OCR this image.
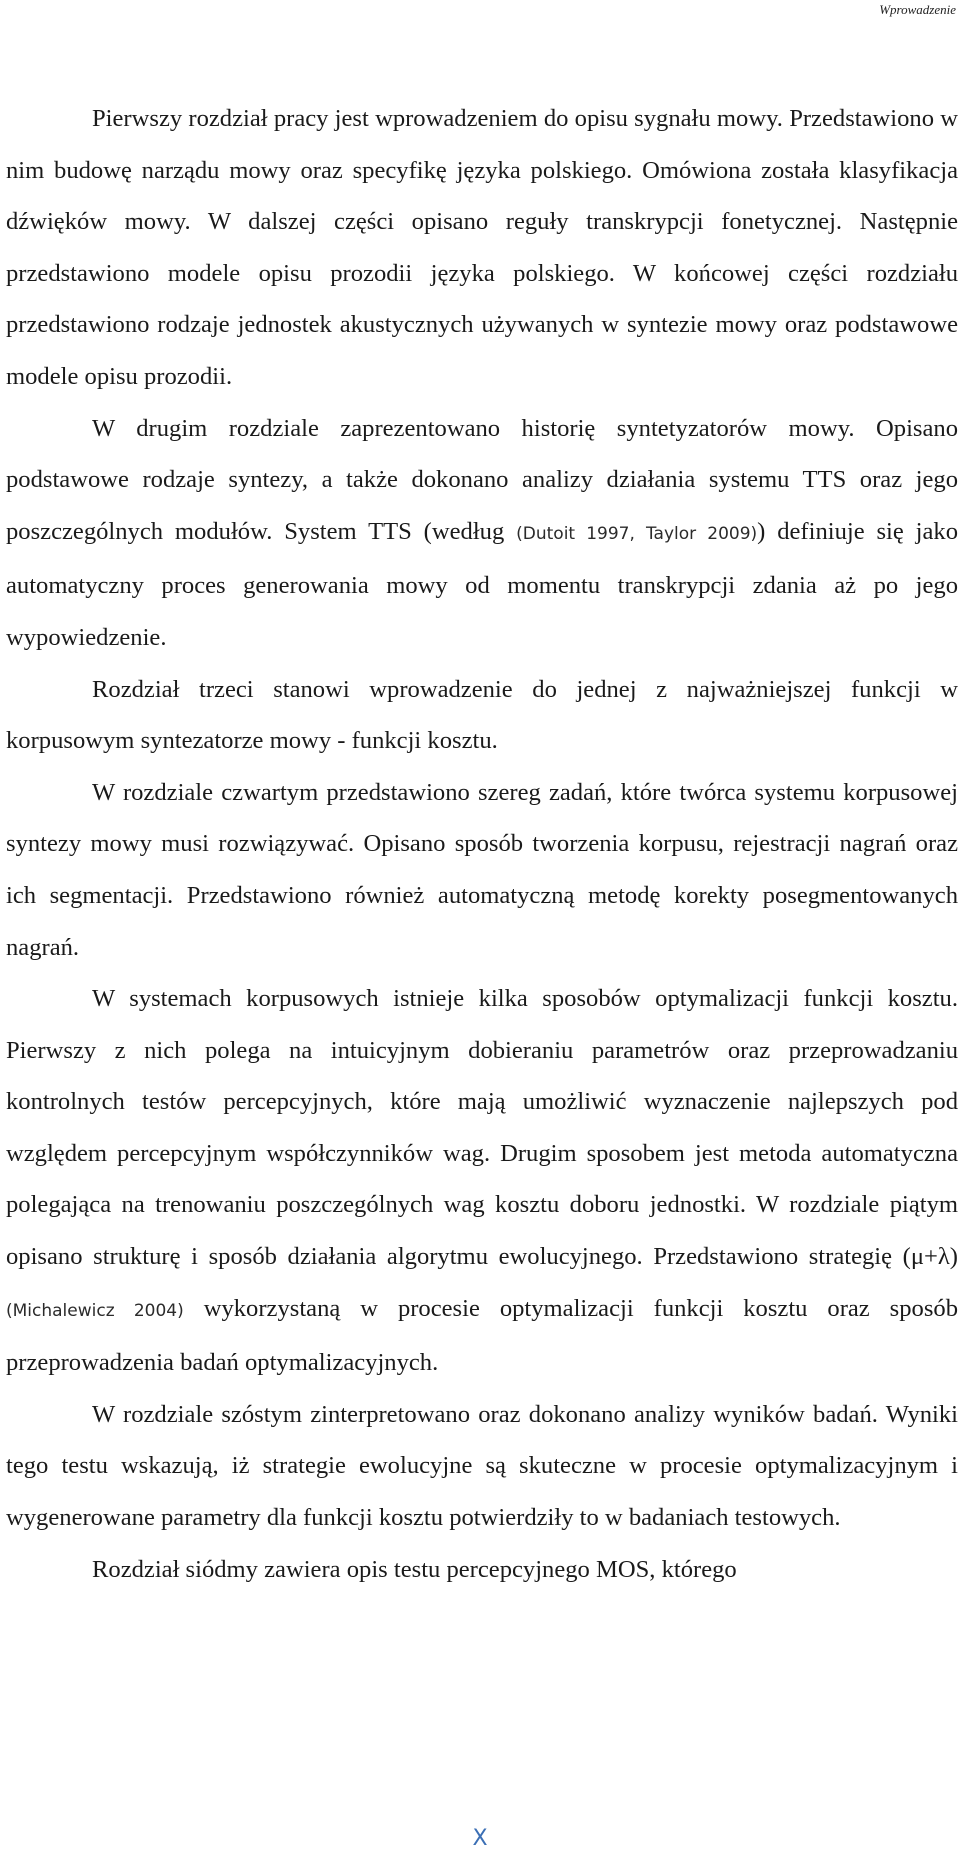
Wprowadzenie

Pierwszy rozdział pracy jest wprowadzeniem do opisu sygnału mowy. Przedstawiono w nim budowę narządu mowy oraz specyfikę języka polskiego. Omówiona została klasyfikacja dźwięków mowy. W dalszej części opisano reguły transkrypcji fonetycznej. Następnie przedstawiono modele opisu prozodii języka polskiego. W końcowej części rozdziału przedstawiono rodzaje jednostek akustycznych używanych w syntezie mowy oraz podstawowe modele opisu prozodii.

W drugim rozdziale zaprezentowano historię syntetyzatorów mowy. Opisano podstawowe rodzaje syntezy, a także dokonano analizy działania systemu TTS oraz jego poszczególnych modułów. System TTS (według (Dutoit 1997, Taylor 2009)) definiuje się jako automatyczny proces generowania mowy od momentu transkrypcji zdania aż po jego wypowiedzenie.

Rozdział trzeci stanowi wprowadzenie do jednej z najważniejszej funkcji w korpusowym syntezatorze mowy - funkcji kosztu.

W rozdziale czwartym przedstawiono szereg zadań, które twórca systemu korpusowej syntezy mowy musi rozwiązywać. Opisano sposób tworzenia korpusu, rejestracji nagrań oraz ich segmentacji. Przedstawiono również automatyczną metodę korekty posegmentowanych nagrań.

W systemach korpusowych istnieje kilka sposobów optymalizacji funkcji kosztu. Pierwszy z nich polega na intuicyjnym dobieraniu parametrów oraz przeprowadzaniu kontrolnych testów percepcyjnych, które mają umożliwić wyznaczenie najlepszych pod względem percepcyjnym współczynników wag. Drugim sposobem jest metoda automatyczna polegająca na trenowaniu poszczególnych wag kosztu doboru jednostki. W rozdziale piątym opisano strukturę i sposób działania algorytmu ewolucyjnego. Przedstawiono strategię (μ+λ) (Michalewicz 2004) wykorzystaną w procesie optymalizacji funkcji kosztu oraz sposób przeprowadzenia badań optymalizacyjnych.

W rozdziale szóstym zinterpretowano oraz dokonano analizy wyników badań. Wyniki tego testu wskazują, iż strategie ewolucyjne są skuteczne w procesie optymalizacyjnym i wygenerowane parametry dla funkcji kosztu potwierdziły to w badaniach testowych.

Rozdział siódmy zawiera opis testu percepcyjnego MOS, którego

X
